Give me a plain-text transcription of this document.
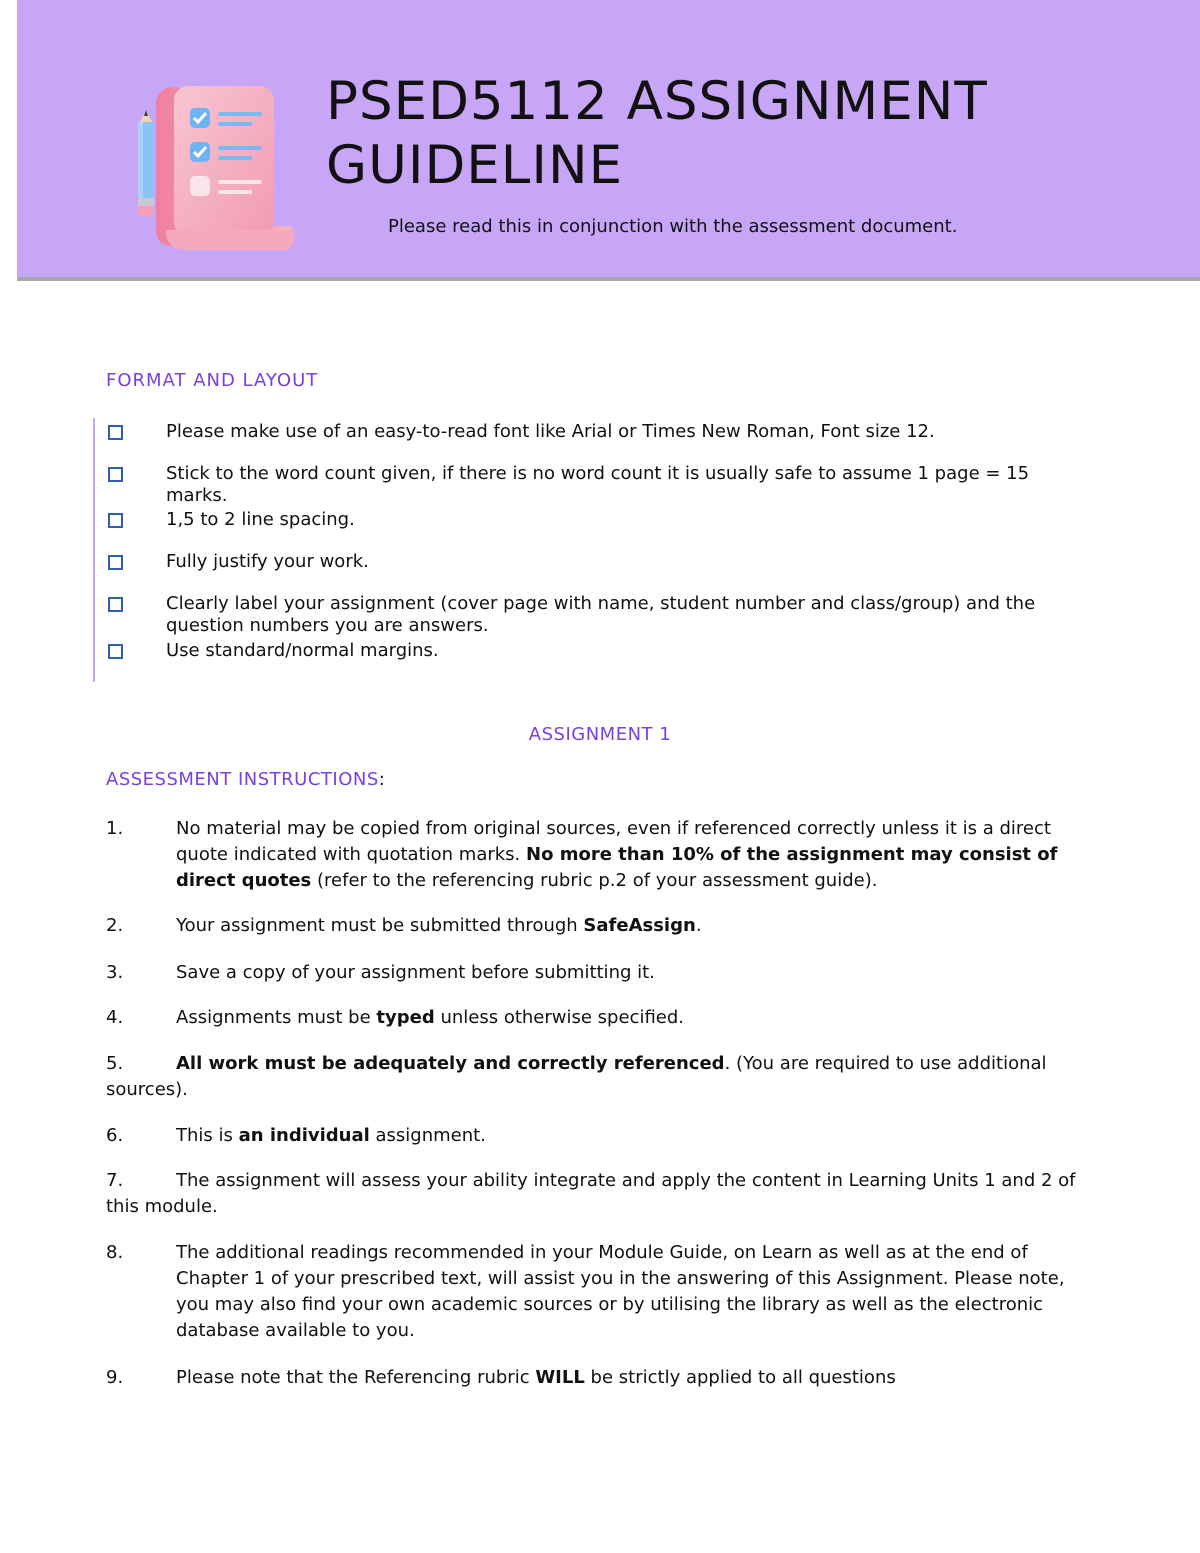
PSED5112 ASSIGNMENT GUIDELINE
Please read this in conjunction with the assessment document.
FORMAT AND LAYOUT
Please make use of an easy-to-read font like Arial or Times New Roman, Font size 12.
Stick to the word count given, if there is no word count it is usually safe to assume 1 page = 15 marks.
1,5 to 2 line spacing.
Fully justify your work.
Clearly label your assignment (cover page with name, student number and class/group) and the question numbers you are answers.
Use standard/normal margins.
ASSIGNMENT 1
ASSESSMENT INSTRUCTIONS:
1.	No material may be copied from original sources, even if referenced correctly unless it is a direct quote indicated with quotation marks. No more than 10% of the assignment may consist of direct quotes (refer to the referencing rubric p.2 of your assessment guide).
2.	Your assignment must be submitted through SafeAssign.
3.	Save a copy of your assignment before submitting it.
4.	Assignments must be typed unless otherwise specified.
5.	All work must be adequately and correctly referenced. (You are required to use additional sources).
6.	This is an individual assignment.
7.	The assignment will assess your ability integrate and apply the content in Learning Units 1 and 2 of this module.
8.	The additional readings recommended in your Module Guide, on Learn as well as at the end of Chapter 1 of your prescribed text, will assist you in the answering of this Assignment. Please note, you may also find your own academic sources or by utilising the library as well as the electronic database available to you.
9.	Please note that the Referencing rubric WILL be strictly applied to all questions
